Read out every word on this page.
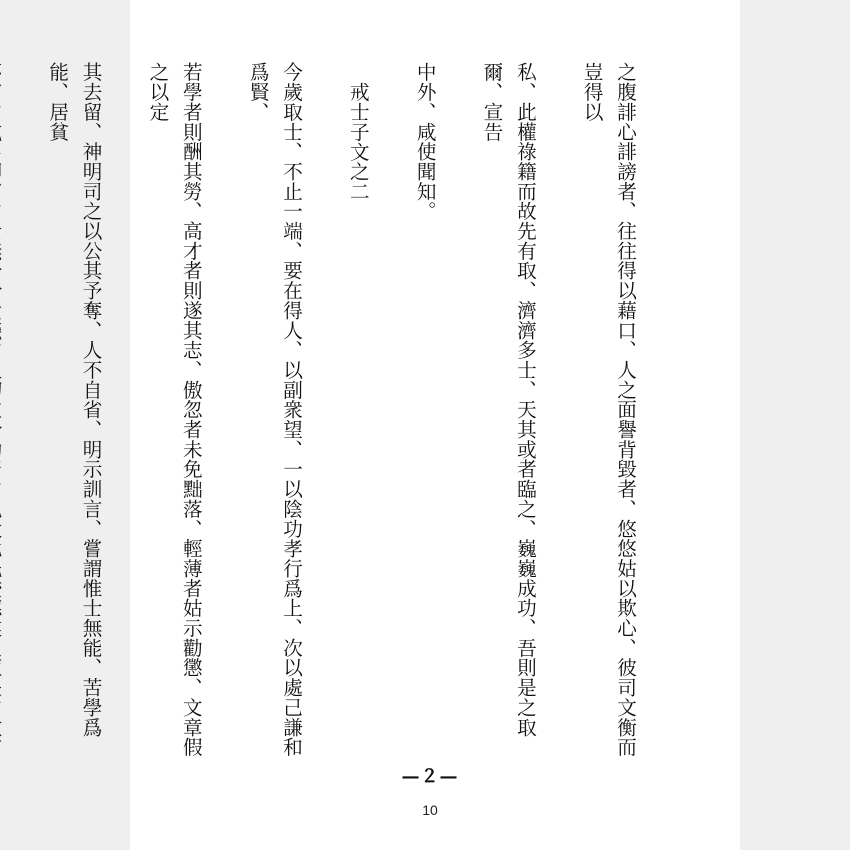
之腹誹心誹謗者、往往得以藉口、人之面譽背毀者、悠悠姑以欺心、彼司文衡而豈得以

私、此權祿籍而故先有取、濟濟多士、天其或者臨之、巍巍成功、吾則是之取爾、宣告

中外、咸使聞知。

戒士子文之二

今歲取士、不止一端、要在得人、以副衆望、一以陰功孝行爲上、次以處己謙和爲賢、

若學者則酬其勞、高才者則遂其志、傲忽者未免黜落、輕薄者姑示勸懲、文章假之以定

其去留、神明司之以公其予奪、人不自省、明示訓言、嘗謂惟士無能、苦學爲能、居貧

—２—
10
